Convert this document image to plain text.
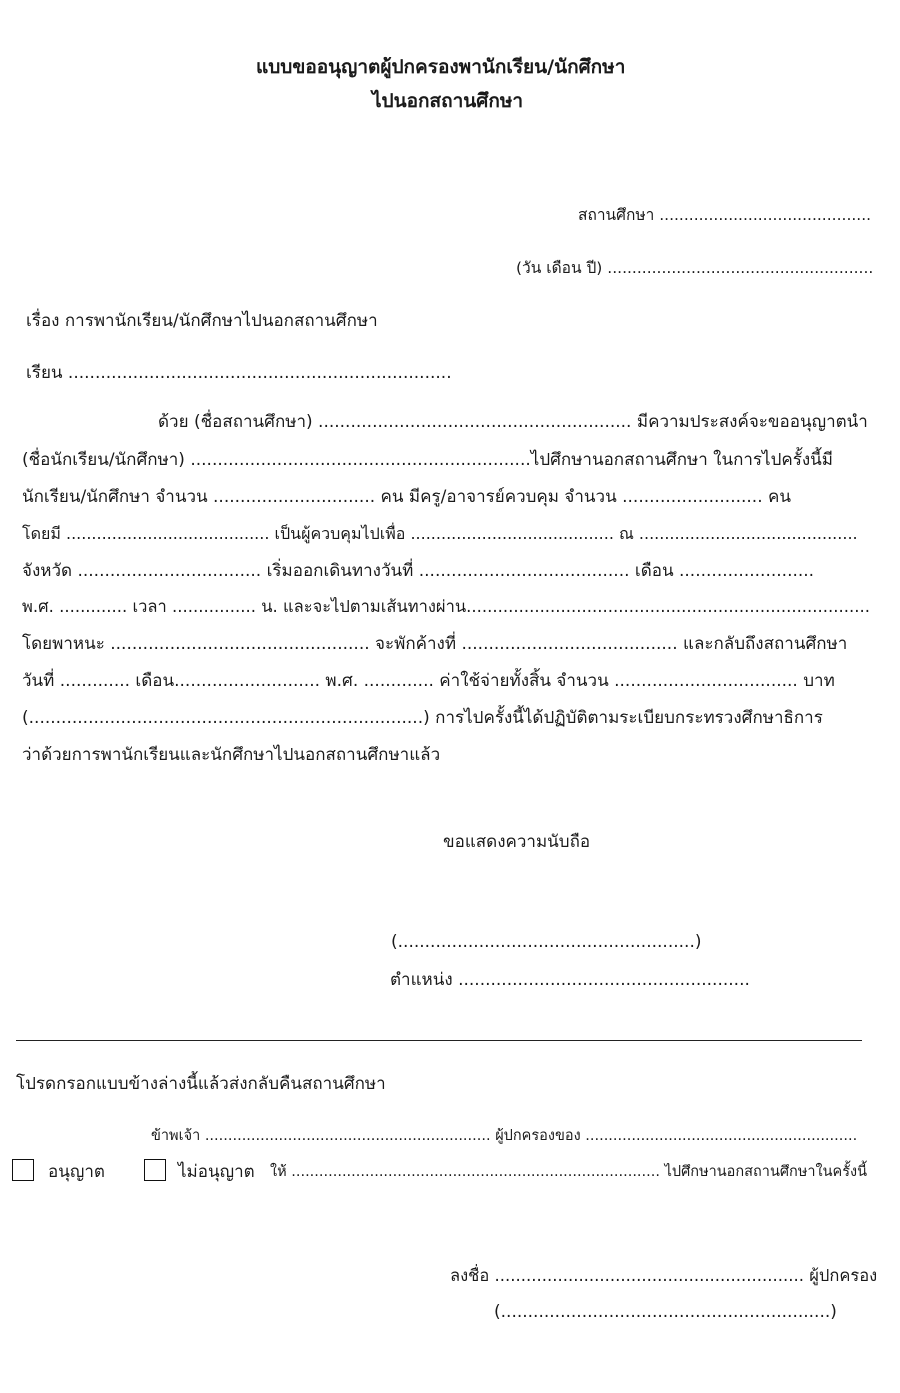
แบบขออนุญาตผู้ปกครองพานักเรียน/นักศึกษา
ไปนอกสถานศึกษา
สถานศึกษา ...........................................
(วัน เดือน ปี) ......................................................
เรื่อง การพานักเรียน/นักศึกษาไปนอกสถานศึกษา
เรียน .......................................................................
ด้วย (ชื่อสถานศึกษา) .......................................................... มีความประสงค์จะขออนุญาตนำ
(ชื่อนักเรียน/นักศึกษา) ...............................................................ไปศึกษานอกสถานศึกษา ในการไปครั้งนี้มี
นักเรียน/นักศึกษา จำนวน .............................. คน มีครู/อาจารย์ควบคุม จำนวน .......................... คน
โดยมี ........................................ เป็นผู้ควบคุมไปเพื่อ ........................................ ณ ...........................................
จังหวัด .................................. เริ่มออกเดินทางวันที่ ....................................... เดือน .........................
พ.ศ. ............. เวลา ................ น. และจะไปตามเส้นทางผ่าน.............................................................................
โดยพาหนะ ................................................ จะพักค้างที่ ........................................ และกลับถึงสถานศึกษา
วันที่ ............. เดือน........................... พ.ศ. ............. ค่าใช้จ่ายทั้งสิ้น จำนวน .................................. บาท
(.........................................................................) การไปครั้งนี้ได้ปฏิบัติตามระเบียบกระทรวงศึกษาธิการ
ว่าด้วยการพานักเรียนและนักศึกษาไปนอกสถานศึกษาแล้ว
ขอแสดงความนับถือ
(.......................................................)
ตำแหน่ง ......................................................
โปรดกรอกแบบข้างล่างนี้แล้วส่งกลับคืนสถานศึกษา
ข้าพเจ้า .............................................................. ผู้ปกครองของ ...........................................................
อนุญาต	ไม่อนุญาต ให้ ................................................................................ ไปศึกษานอกสถานศึกษาในครั้งนี้
ลงชื่อ ........................................................... ผู้ปกครอง
(.............................................................)
